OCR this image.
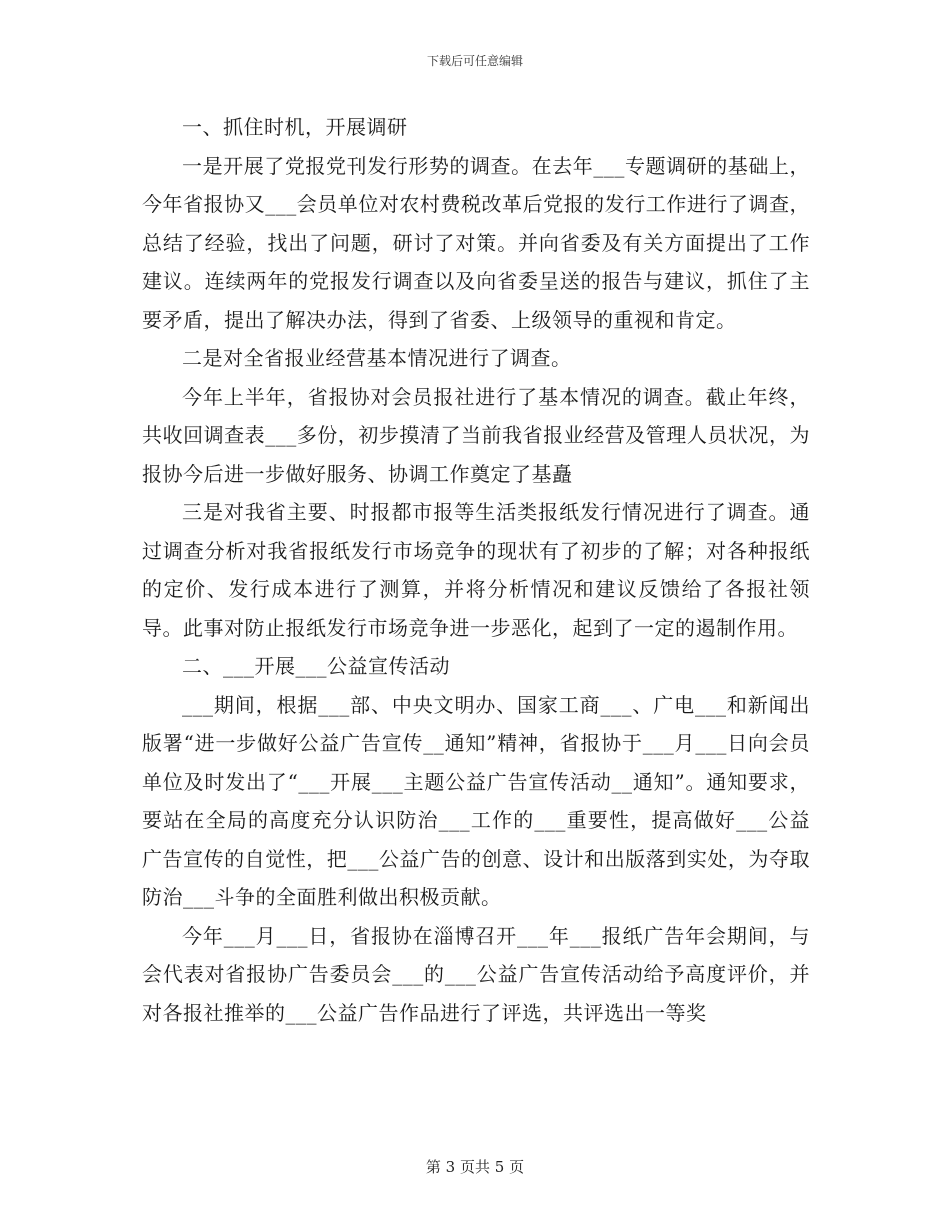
下载后可任意编辑

一、抓住时机，开展调研

一是开展了党报党刊发行形势的调查。在去年___专题调研的基础上，今年省报协又___会员单位对农村费税改革后党报的发行工作进行了调查，总结了经验，找出了问题，研讨了对策。并向省委及有关方面提出了工作建议。连续两年的党报发行调查以及向省委呈送的报告与建议，抓住了主要矛盾，提出了解决办法，得到了省委、上级领导的重视和肯定。

二是对全省报业经营基本情况进行了调查。

今年上半年，省报协对会员报社进行了基本情况的调查。截止年终，共收回调查表___多份，初步摸清了当前我省报业经营及管理人员状况，为报协今后进一步做好服务、协调工作奠定了基矗

三是对我省主要、时报都市报等生活类报纸发行情况进行了调查。通过调查分析对我省报纸发行市场竞争的现状有了初步的了解；对各种报纸的定价、发行成本进行了测算，并将分析情况和建议反馈给了各报社领导。此事对防止报纸发行市场竞争进一步恶化，起到了一定的遏制作用。

二、___开展___公益宣传活动

___期间，根据___部、中央文明办、国家工商___、广电___和新闻出版署“进一步做好公益广告宣传__通知”精神，省报协于___月___日向会员单位及时发出了“___开展___主题公益广告宣传活动__通知”。通知要求，要站在全局的高度充分认识防治___工作的___重要性，提高做好___公益广告宣传的自觉性，把___公益广告的创意、设计和出版落到实处，为夺取防治___斗争的全面胜利做出积极贡献。

今年___月___日，省报协在淄博召开___年___报纸广告年会期间，与会代表对省报协广告委员会___的___公益广告宣传活动给予高度评价，并对各报社推举的___公益广告作品进行了评选，共评选出一等奖

第 3 页共 5 页
